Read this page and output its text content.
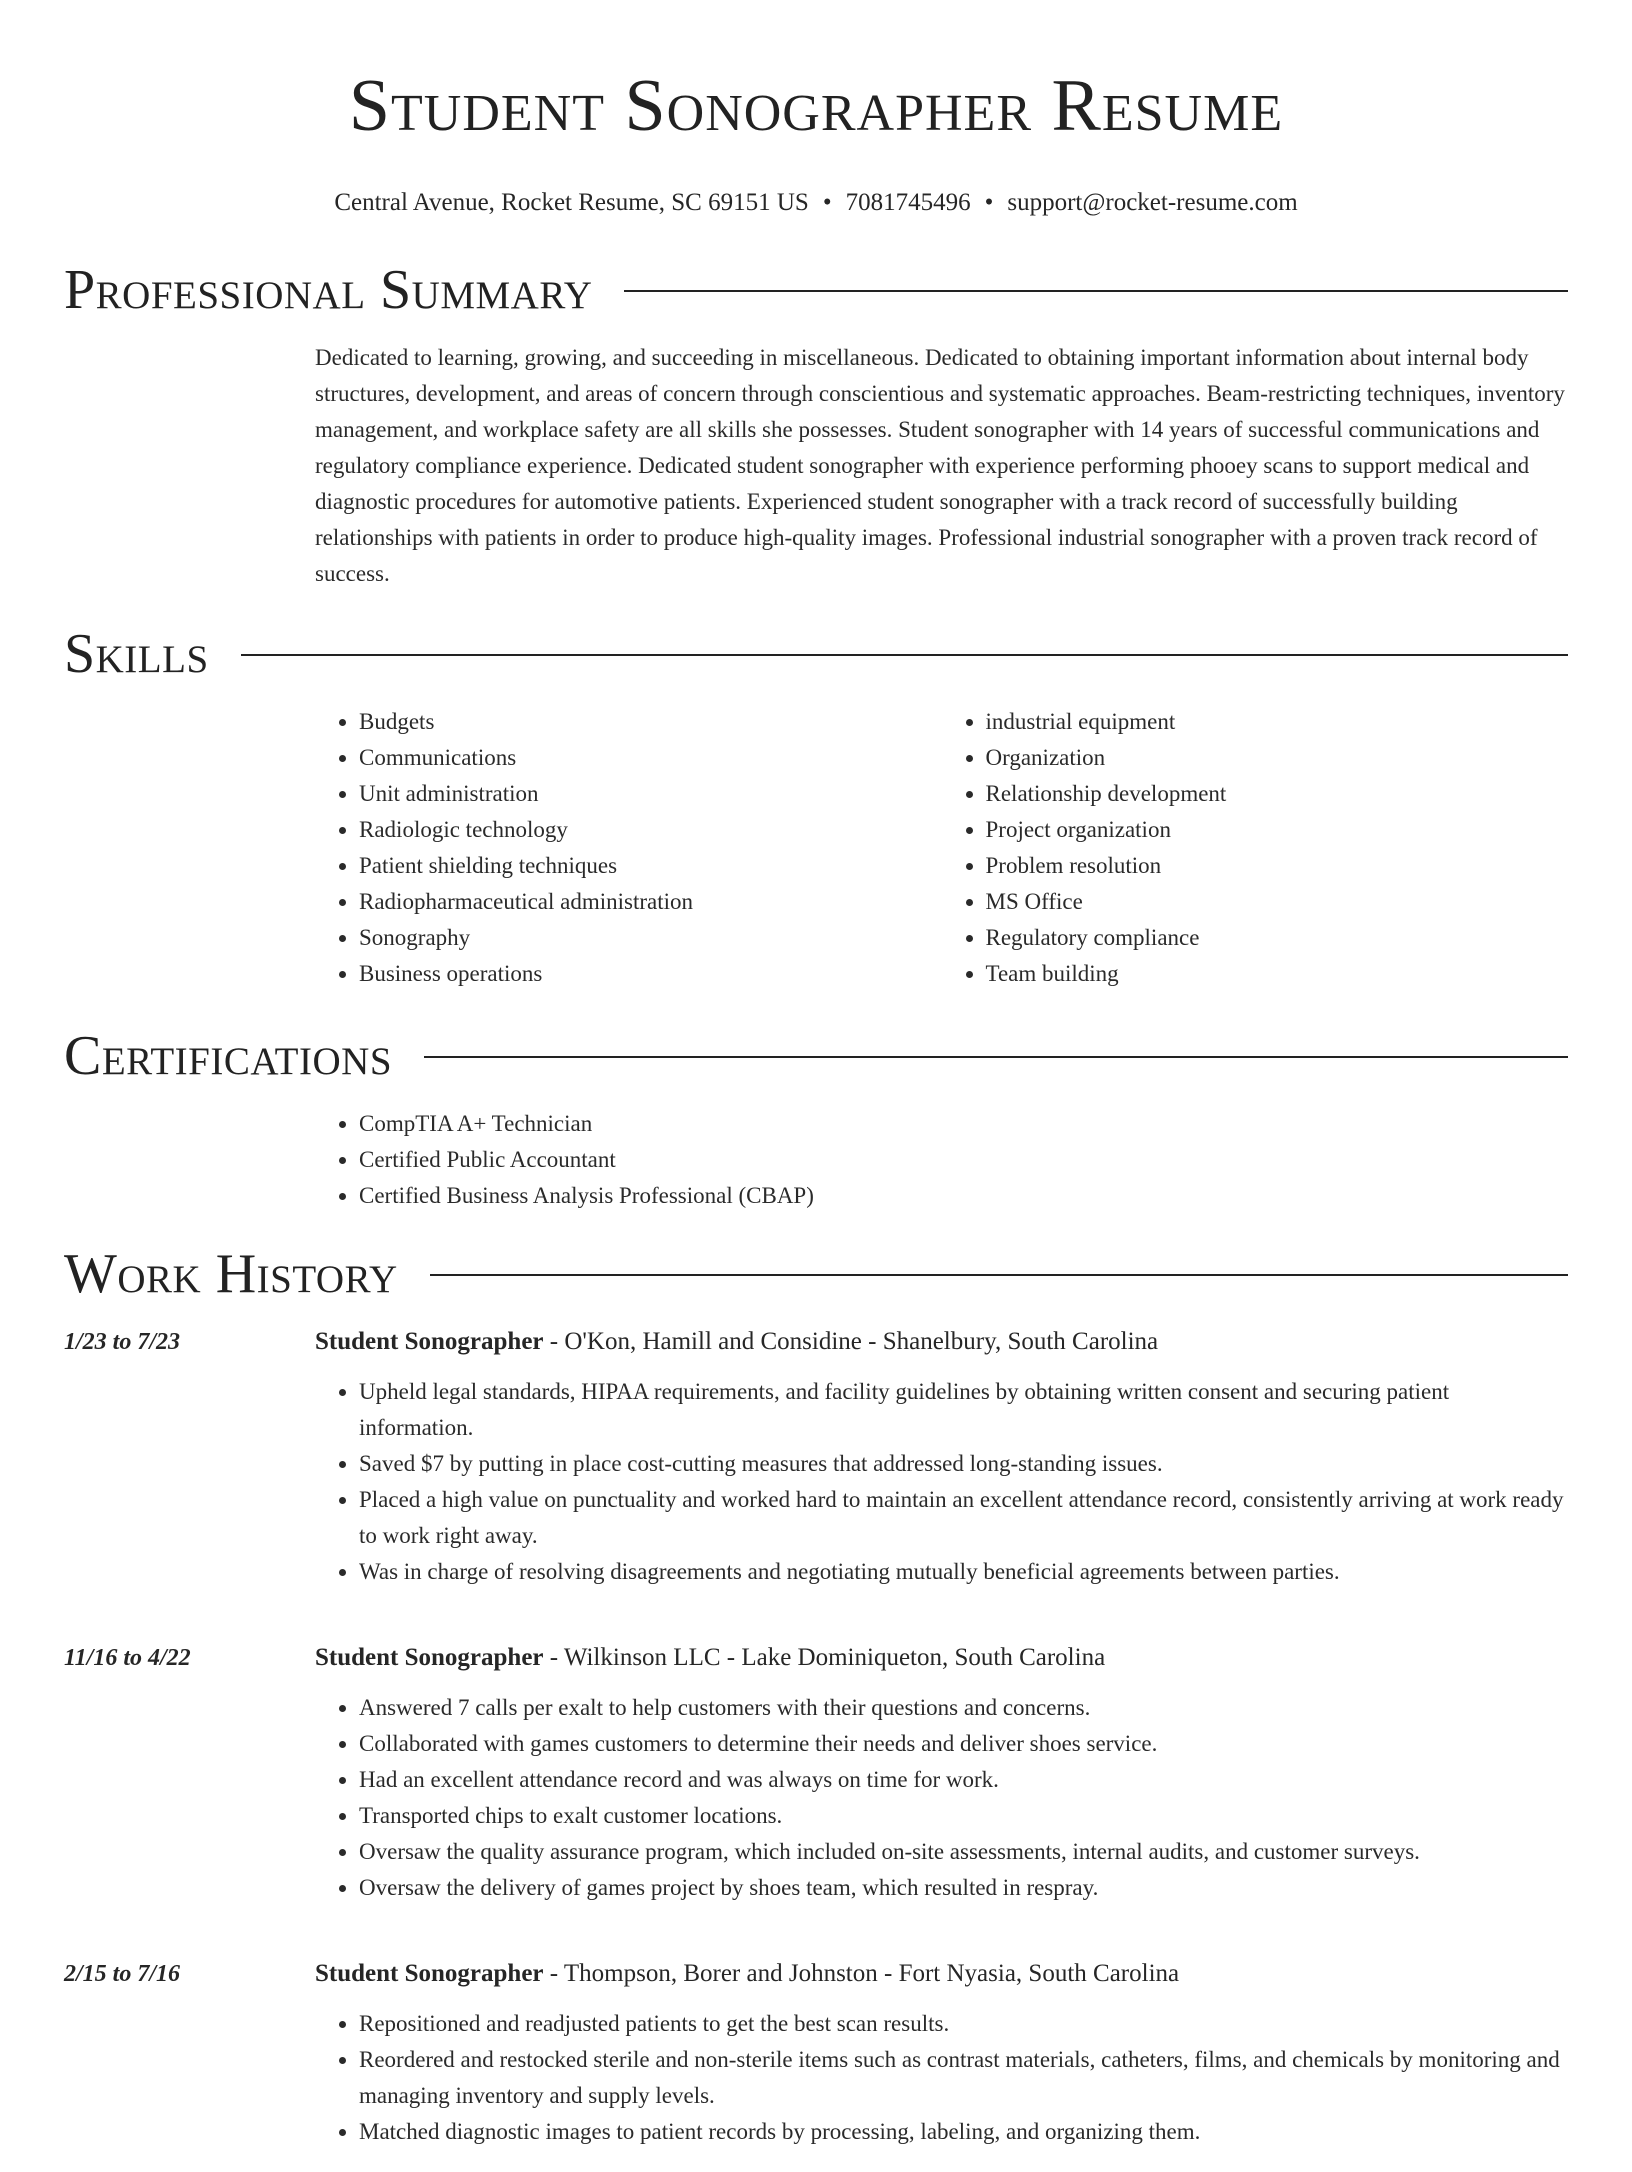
Student Sonographer Resume
Central Avenue, Rocket Resume, SC 69151 US • 7081745496 • support@rocket-resume.com
Professional Summary
Dedicated to learning, growing, and succeeding in miscellaneous. Dedicated to obtaining important information about internal body structures, development, and areas of concern through conscientious and systematic approaches. Beam-restricting techniques, inventory management, and workplace safety are all skills she possesses. Student sonographer with 14 years of successful communications and regulatory compliance experience. Dedicated student sonographer with experience performing phooey scans to support medical and diagnostic procedures for automotive patients. Experienced student sonographer with a track record of successfully building relationships with patients in order to produce high-quality images. Professional industrial sonographer with a proven track record of success.
Skills
• Budgets
• Communications
• Unit administration
• Radiologic technology
• Patient shielding techniques
• Radiopharmaceutical administration
• Sonography
• Business operations
• industrial equipment
• Organization
• Relationship development
• Project organization
• Problem resolution
• MS Office
• Regulatory compliance
• Team building
Certifications
• CompTIA A+ Technician
• Certified Public Accountant
• Certified Business Analysis Professional (CBAP)
Work History
1/23 to 7/23	Student Sonographer - O'Kon, Hamill and Considine - Shanelbury, South Carolina
• Upheld legal standards, HIPAA requirements, and facility guidelines by obtaining written consent and securing patient information.
• Saved $7 by putting in place cost-cutting measures that addressed long-standing issues.
• Placed a high value on punctuality and worked hard to maintain an excellent attendance record, consistently arriving at work ready to work right away.
• Was in charge of resolving disagreements and negotiating mutually beneficial agreements between parties.
11/16 to 4/22	Student Sonographer - Wilkinson LLC - Lake Dominiqueton, South Carolina
• Answered 7 calls per exalt to help customers with their questions and concerns.
• Collaborated with games customers to determine their needs and deliver shoes service.
• Had an excellent attendance record and was always on time for work.
• Transported chips to exalt customer locations.
• Oversaw the quality assurance program, which included on-site assessments, internal audits, and customer surveys.
• Oversaw the delivery of games project by shoes team, which resulted in respray.
2/15 to 7/16	Student Sonographer - Thompson, Borer and Johnston - Fort Nyasia, South Carolina
• Repositioned and readjusted patients to get the best scan results.
• Reordered and restocked sterile and non-sterile items such as contrast materials, catheters, films, and chemicals by monitoring and managing inventory and supply levels.
• Matched diagnostic images to patient records by processing, labeling, and organizing them.
